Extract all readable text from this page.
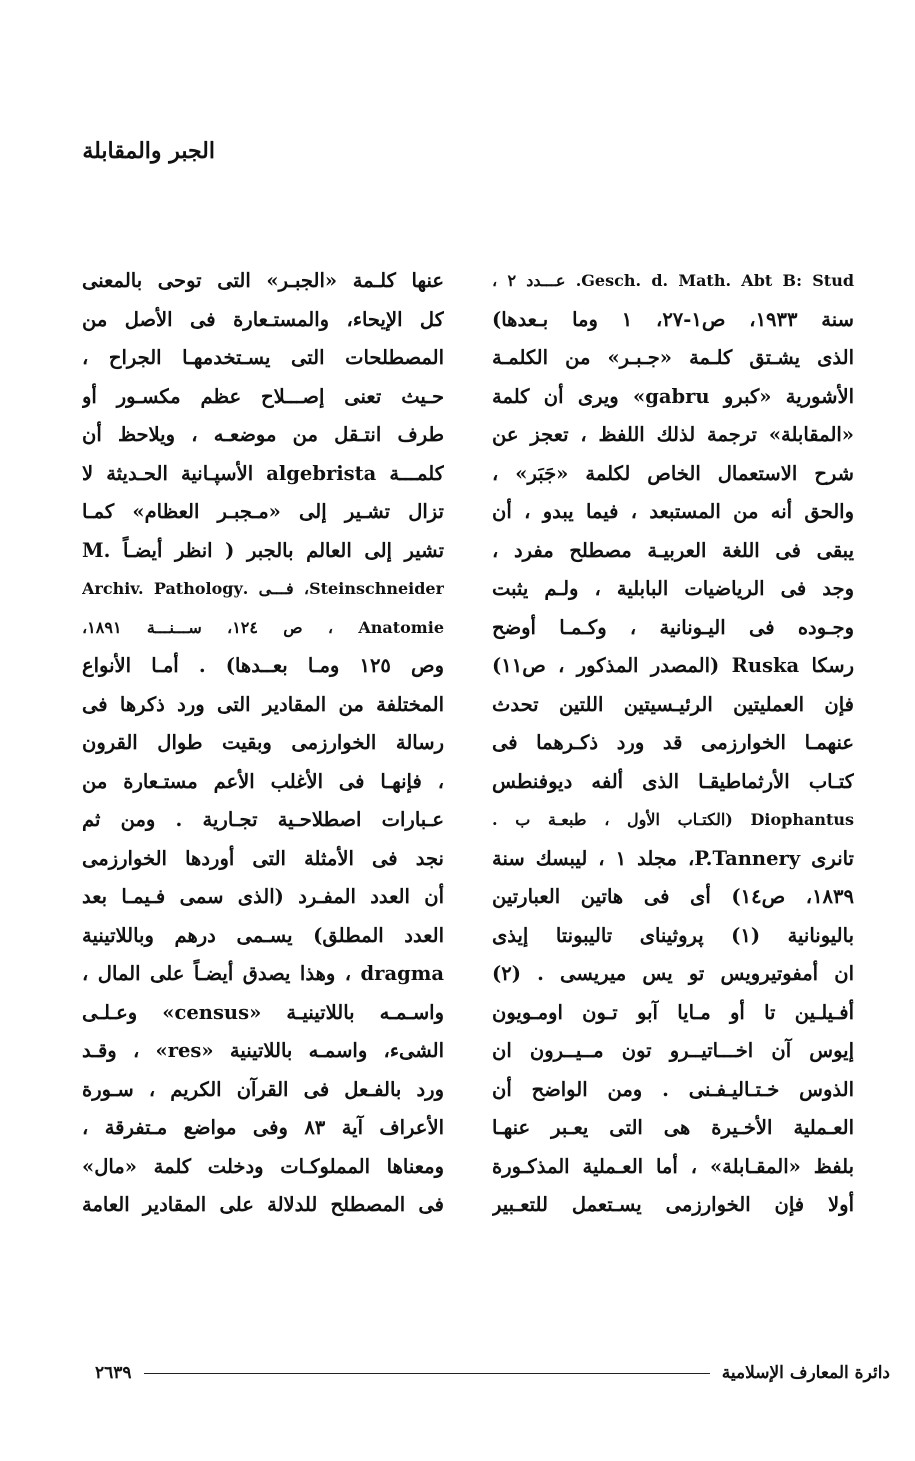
الجبر والمقابلة
Gesch. d. Math. Abt B: Stud. عـــدد ٢ ،
سنة ١٩٣٣، ص١-٢٧، ١ وما بـعدها)
الذى يشـتق كلـمة «جـبـر» من الكلمـة
الأشورية «كبرو gabru» ويرى أن كلمة
«المقابلة» ترجمة لذلك اللفظ ، تعجز عن
شرح الاستعمال الخاص لكلمة «جَبَر» ،
والحق أنه من المستبعد ، فيما يبدو ، أن
يبقى فى اللغة العربيـة مصطلح مفرد ،
وجد فى الرياضيات البابلية ، ولـم يثبت
وجـوده فى اليـونانية ، وكـمـا أوضح
رسكا Ruska (المصدر المذكور ، ص١١)
فإن العمليتين الرئيـسيتين اللتين تحدث
عنهمـا الخوارزمى قد ورد ذكـرهما فى
كتـاب الأرثماطيقـا الذى ألفه ديوفنطس
Diophantus (الكتـاب الأول ، طبعـة ب .
تانرى P.Tannery، مجلد ١ ، ليبسك سنة
١٨٣٩، ص١٤) أى فى هاتين العبارتين
باليونانية (١) پروثيناى تاليبونتا إيذى
ان أمفوتيرويس تو يس ميريسى . (٢)
أفـيلـين تا أو مـايا آبو تـون اومـويون
إيوس آن اخـــاتيــرو تون مــيــرون ان
الذوس خـتـاليـفـنى . ومن الواضح أن
العـملية الأخـيرة هى التى يعـبر عنهـا
بلفظ «المقـابلة» ، أما العـملية المذكـورة
أولا فإن الخوارزمى يسـتعمل للتعـبير
عنها كلـمة «الجبـر» التى توحى بالمعنى
كل الإيحاء، والمستـعارة فى الأصل من
المصطلحات التى يسـتخدمهـا الجراح ،
حـيث تعنى إصـــلاح عظم مكسـور أو
طرف انتـقل من موضعـه ، ويلاحظ أن
كلمـــة algebrista الأسپـانية الحـديثة لا
تزال تشـير إلى «مـجبـر العظام» كمـا
تشير إلى العالم بالجبر ( انظر أيضـاً .M
Steinschneider، فـــى .Archiv. Pathology
Anatomie ، ص ١٢٤، ســـنـــة ١٨٩١،
وص ١٢٥ ومـا بعــدها) . أمـا الأنواع
المختلفة من المقادير التى ورد ذكرها فى
رسالة الخوارزمى وبقيت طوال القرون
، فإنهـا فى الأغلب الأعم مستـعارة من
عـبارات اصطلاحـية تجـارية . ومن ثم
نجد فى الأمثلة التى أوردها الخوارزمى
أن العدد المفـرد (الذى سمى فـيمـا بعد
العدد المطلق) يسـمى درهم وباللاتينية
dragma ، وهذا يصدق أيضـاً على المال ،
واسـمـه باللاتينيـة «census» وعـلـى
الشىء، واسمـه باللاتينية «res» ، وقـد
ورد بالفـعل فى القرآن الكريم ، سـورة
الأعراف آية ٨٣ وفى مواضع مـتفرقة ،
ومعناها المملوكـات ودخلت كلمة «مال»
فى المصطلح للدلالة على المقادير العامة
دائرة المعارف الإسلامية
٢٦٣٩
